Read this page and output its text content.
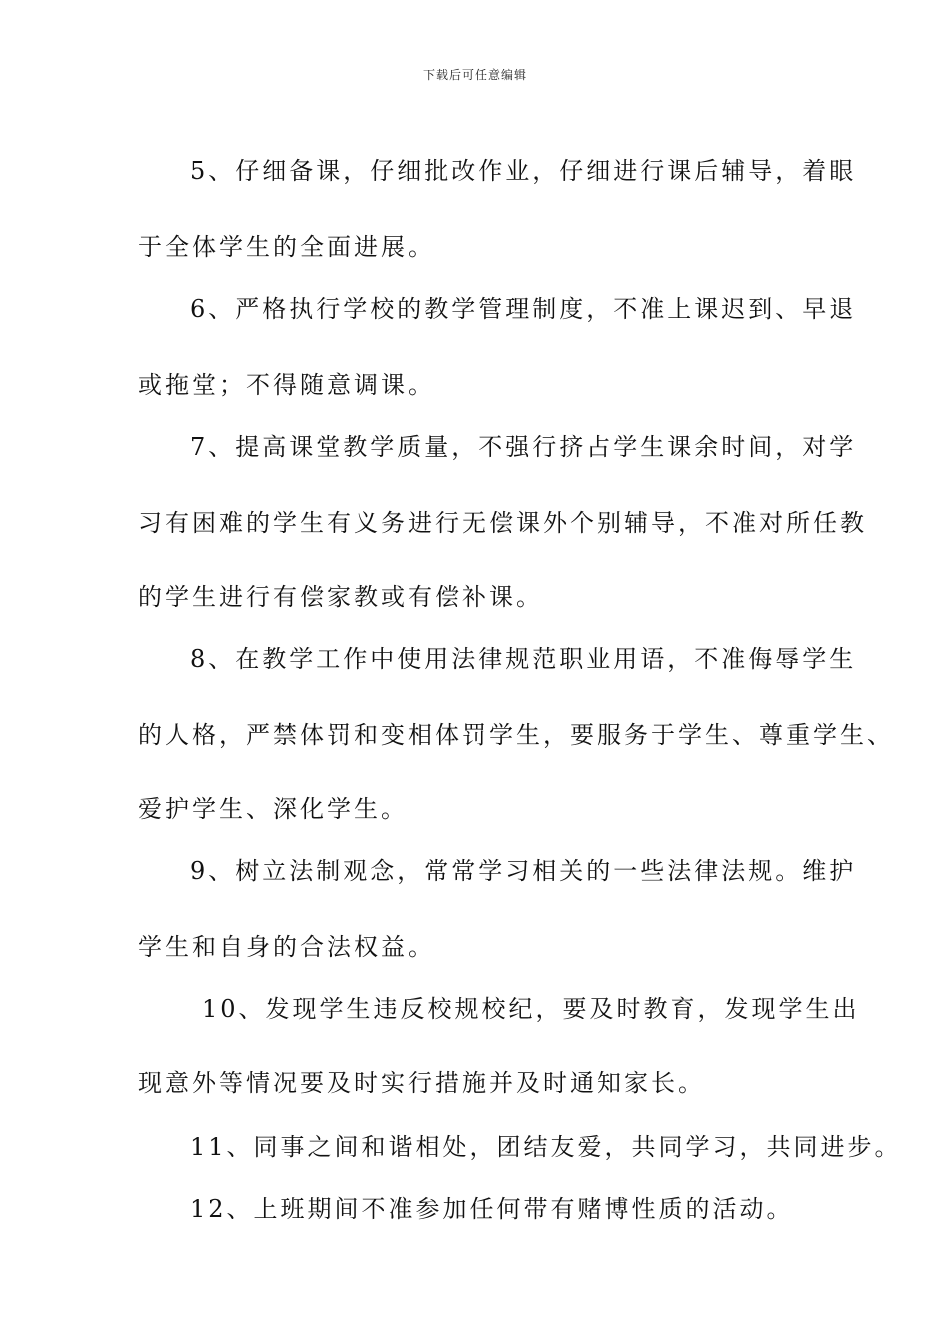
下载后可任意编辑
5、仔细备课，仔细批改作业，仔细进行课后辅导，着眼
于全体学生的全面进展。
6、严格执行学校的教学管理制度，不准上课迟到、早退
或拖堂；不得随意调课。
7、提高课堂教学质量，不强行挤占学生课余时间，对学
习有困难的学生有义务进行无偿课外个别辅导，不准对所任教
的学生进行有偿家教或有偿补课。
8、在教学工作中使用法律规范职业用语，不准侮辱学生
的人格，严禁体罚和变相体罚学生，要服务于学生、尊重学生、
爱护学生、深化学生。
9、树立法制观念，常常学习相关的一些法律法规。维护
学生和自身的合法权益。
10、发现学生违反校规校纪，要及时教育，发现学生出
现意外等情况要及时实行措施并及时通知家长。
11、同事之间和谐相处，团结友爱，共同学习，共同进步。
12、上班期间不准参加任何带有赌博性质的活动。
